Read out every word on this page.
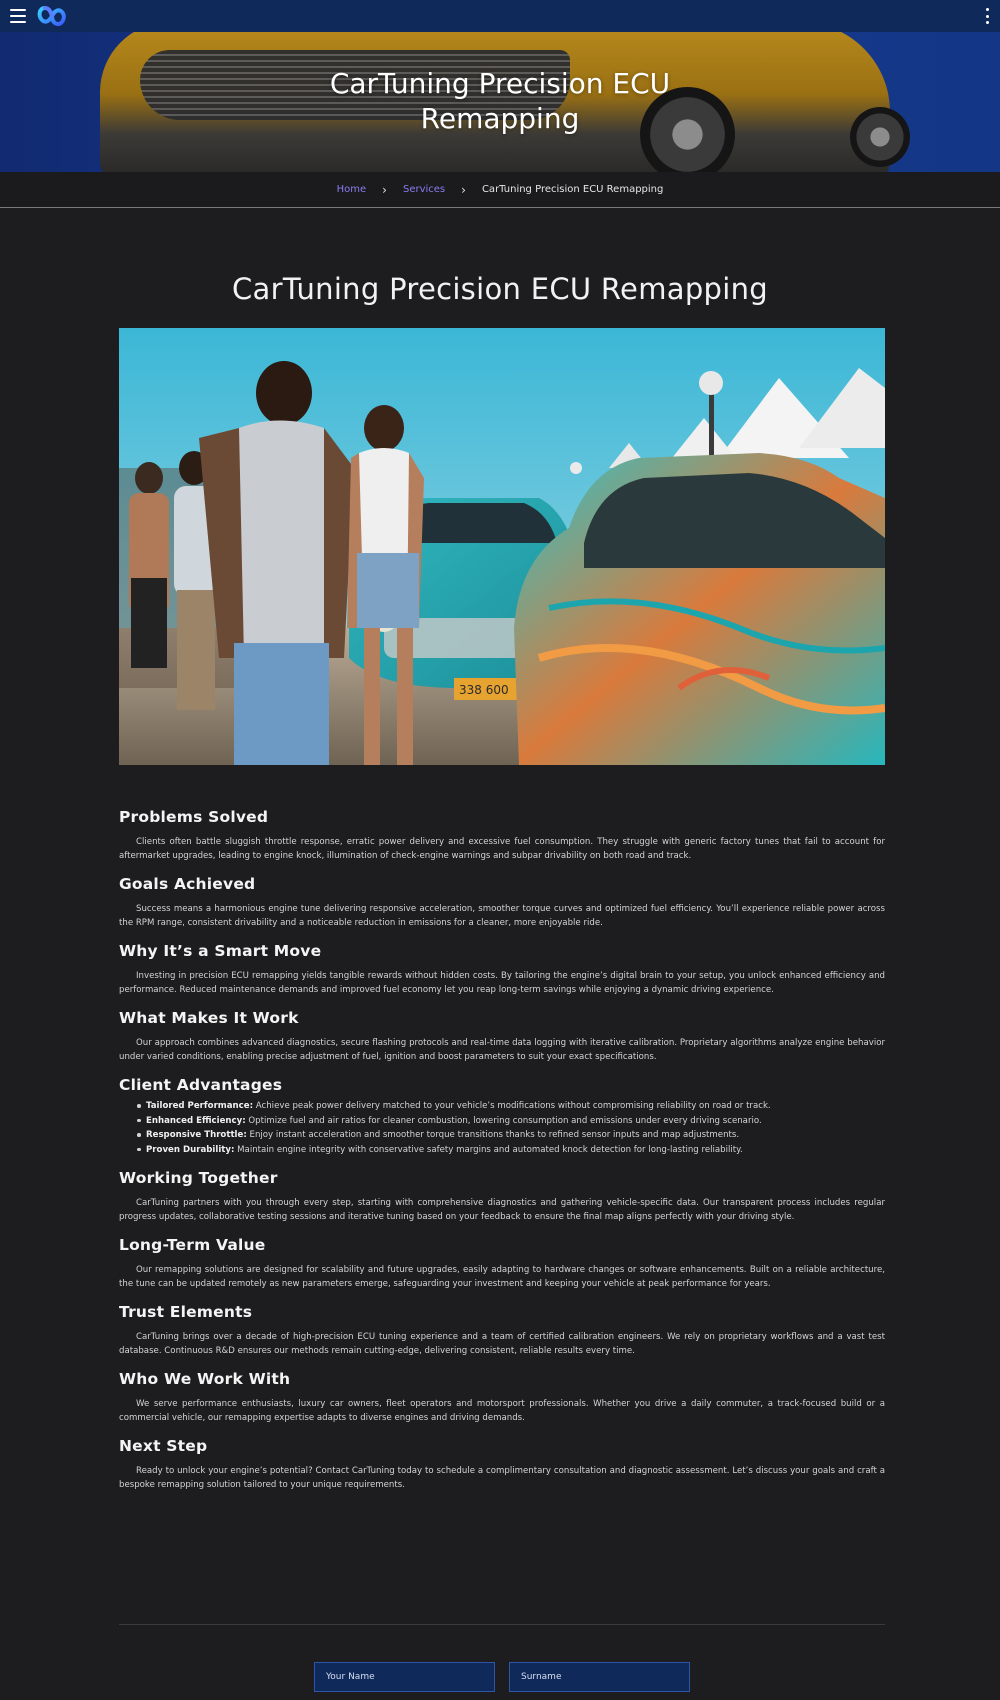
CarTuning Precision ECU
Remapping
Home › Services › CarTuning Precision ECU Remapping
CarTuning Precision ECU Remapping
338 600
Problems Solved

Clients often battle sluggish throttle response, erratic power delivery and excessive fuel consumption. They struggle with generic factory tunes that fail to account for aftermarket upgrades, leading to engine knock, illumination of check-engine warnings and subpar drivability on both road and track.

Goals Achieved

Success means a harmonious engine tune delivering responsive acceleration, smoother torque curves and optimized fuel efficiency. You’ll experience reliable power across the RPM range, consistent drivability and a noticeable reduction in emissions for a cleaner, more enjoyable ride.

Why It’s a Smart Move

Investing in precision ECU remapping yields tangible rewards without hidden costs. By tailoring the engine’s digital brain to your setup, you unlock enhanced efficiency and performance. Reduced maintenance demands and improved fuel economy let you reap long-term savings while enjoying a dynamic driving experience.

What Makes It Work

Our approach combines advanced diagnostics, secure flashing protocols and real-time data logging with iterative calibration. Proprietary algorithms analyze engine behavior under varied conditions, enabling precise adjustment of fuel, ignition and boost parameters to suit your exact specifications.

Client Advantages
Tailored Performance: Achieve peak power delivery matched to your vehicle’s modifications without compromising reliability on road or track.
Enhanced Efficiency: Optimize fuel and air ratios for cleaner combustion, lowering consumption and emissions under every driving scenario.
Responsive Throttle: Enjoy instant acceleration and smoother torque transitions thanks to refined sensor inputs and map adjustments.
Proven Durability: Maintain engine integrity with conservative safety margins and automated knock detection for long-lasting reliability.
Working Together

CarTuning partners with you through every step, starting with comprehensive diagnostics and gathering vehicle-specific data. Our transparent process includes regular progress updates, collaborative testing sessions and iterative tuning based on your feedback to ensure the final map aligns perfectly with your driving style.

Long-Term Value

Our remapping solutions are designed for scalability and future upgrades, easily adapting to hardware changes or software enhancements. Built on a reliable architecture, the tune can be updated remotely as new parameters emerge, safeguarding your investment and keeping your vehicle at peak performance for years.

Trust Elements

CarTuning brings over a decade of high-precision ECU tuning experience and a team of certified calibration engineers. We rely on proprietary workflows and a vast test database. Continuous R&D ensures our methods remain cutting-edge, delivering consistent, reliable results every time.

Who We Work With

We serve performance enthusiasts, luxury car owners, fleet operators and motorsport professionals. Whether you drive a daily commuter, a track-focused build or a commercial vehicle, our remapping expertise adapts to diverse engines and driving demands.

Next Step

Ready to unlock your engine’s potential? Contact CarTuning today to schedule a complimentary consultation and diagnostic assessment. Let’s discuss your goals and craft a bespoke remapping solution tailored to your unique requirements.

Your Name
Surname
